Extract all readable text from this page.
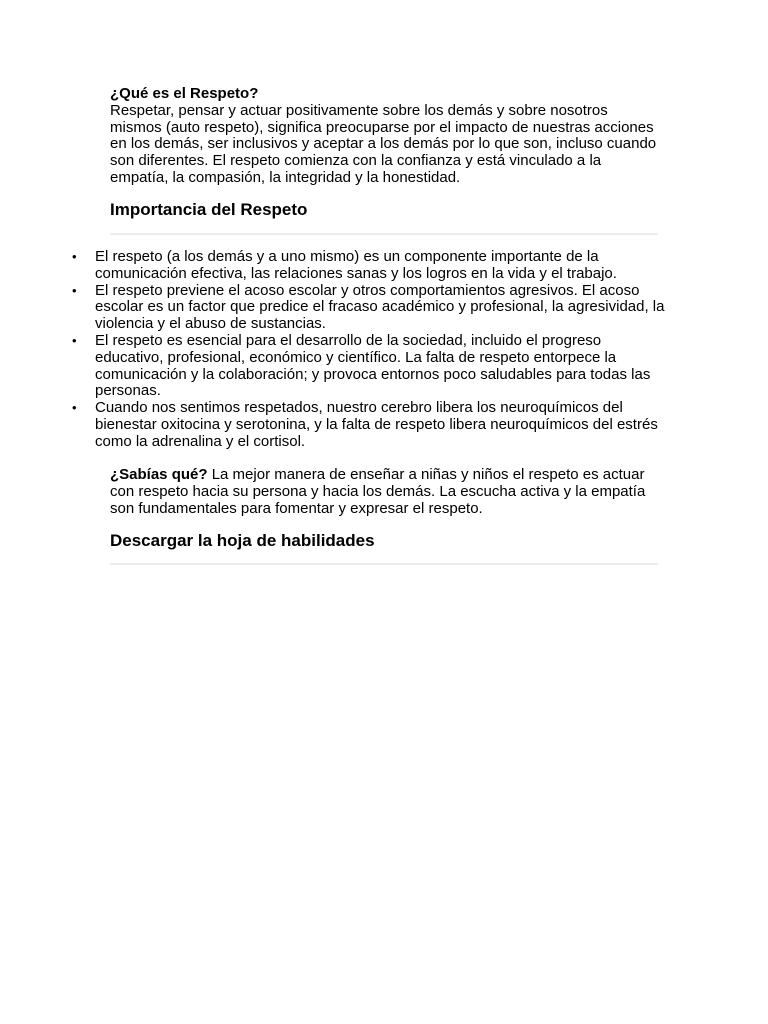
¿Qué es el Respeto?
Respetar, pensar y actuar positivamente sobre los demás y sobre nosotros mismos (auto respeto), significa preocuparse por el impacto de nuestras acciones en los demás, ser inclusivos y aceptar a los demás por lo que son, incluso cuando son diferentes. El respeto comienza con la confianza y está vinculado a la empatía, la compasión, la integridad y la honestidad.
Importancia del Respeto
• El respeto (a los demás y a uno mismo) es un componente importante de la comunicación efectiva, las relaciones sanas y los logros en la vida y el trabajo.
• El respeto previene el acoso escolar y otros comportamientos agresivos. El acoso escolar es un factor que predice el fracaso académico y profesional, la agresividad, la violencia y el abuso de sustancias.
• El respeto es esencial para el desarrollo de la sociedad, incluido el progreso educativo, profesional, económico y científico. La falta de respeto entorpece la comunicación y la colaboración; y provoca entornos poco saludables para todas las personas.
• Cuando nos sentimos respetados, nuestro cerebro libera los neuroquímicos del bienestar oxitocina y serotonina, y la falta de respeto libera neuroquímicos del estrés como la adrenalina y el cortisol.
¿Sabías qué? La mejor manera de enseñar a niñas y niños el respeto es actuar con respeto hacia su persona y hacia los demás. La escucha activa y la empatía son fundamentales para fomentar y expresar el respeto.
Descargar la hoja de habilidades
